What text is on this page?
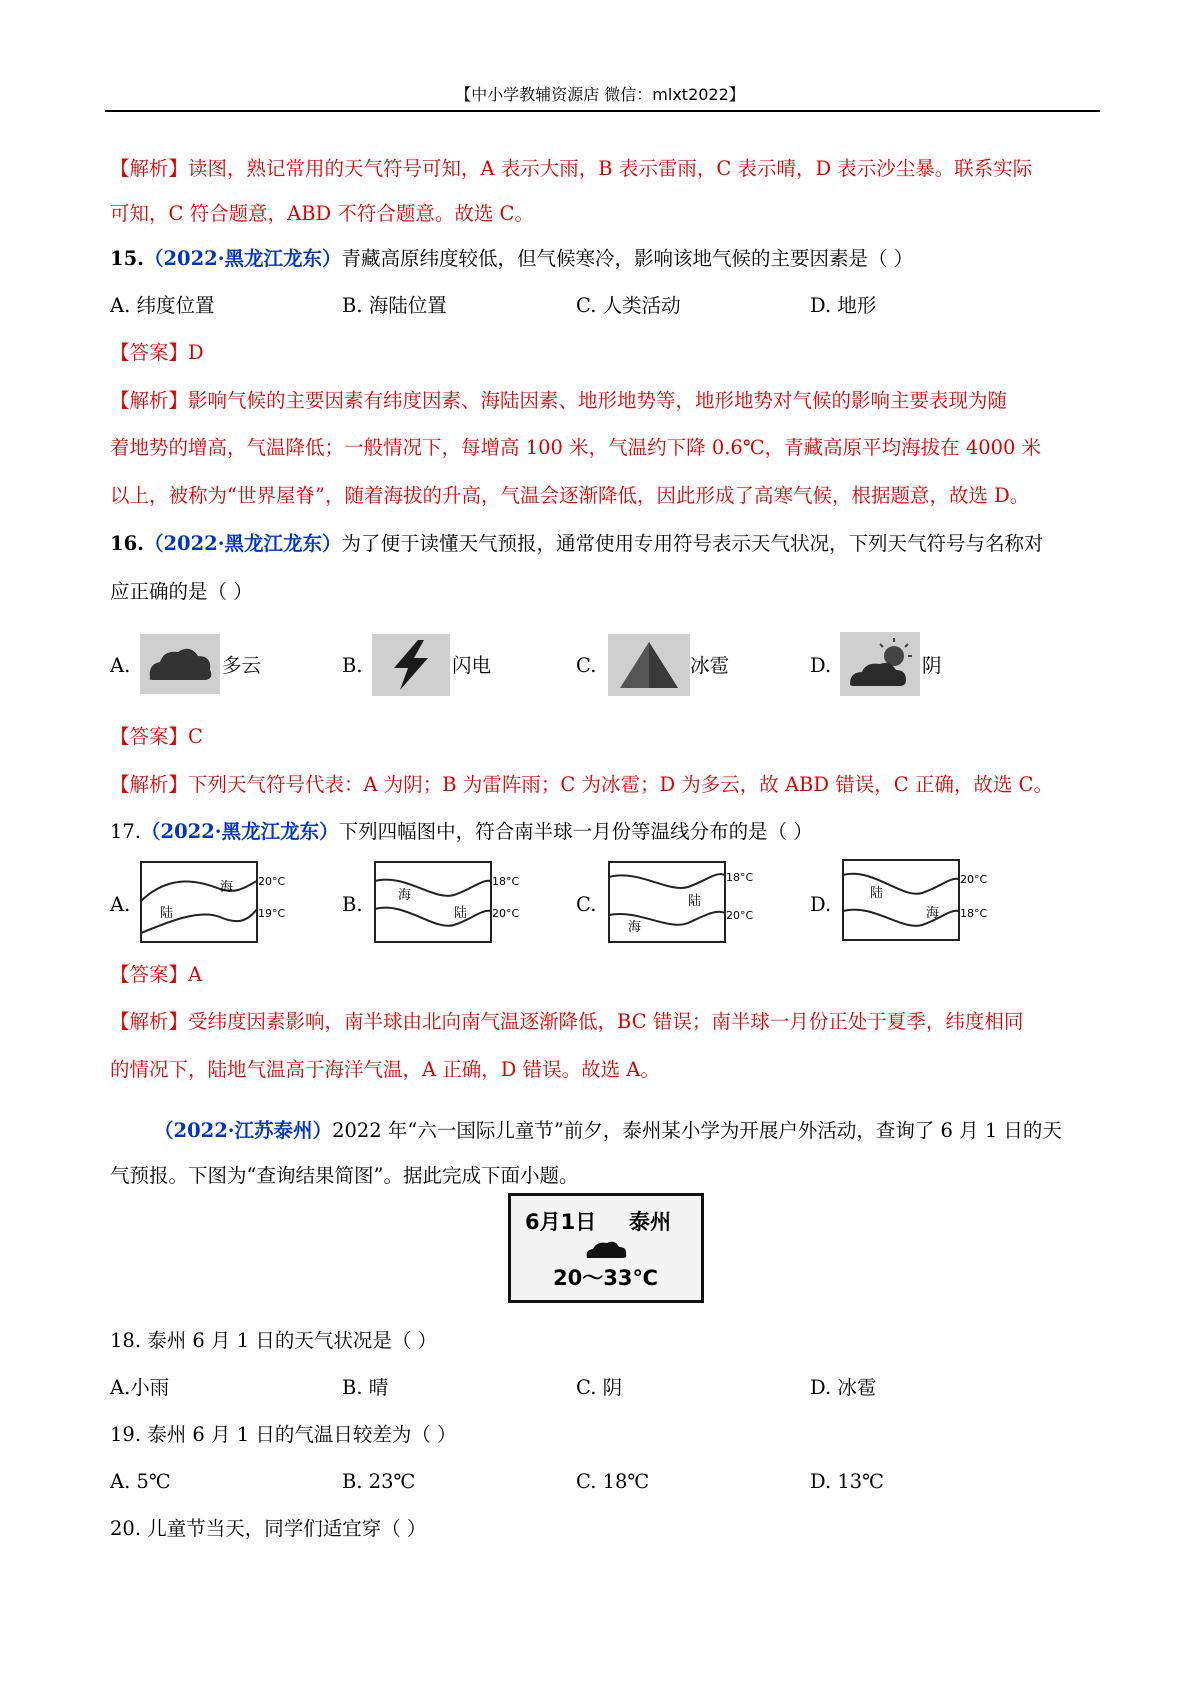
【中小学教辅资源店 微信：mlxt2022】
【解析】读图，熟记常用的天气符号可知，A 表示大雨，B 表示雷雨，C 表示晴，D 表示沙尘暴。联系实际
可知，C 符合题意，ABD 不符合题意。故选 C。
15.（2022·黑龙江龙东）青藏高原纬度较低，但气候寒冷，影响该地气候的主要因素是（ ）
A. 纬度位置	B. 海陆位置	C. 人类活动	D. 地形
【答案】D
【解析】影响气候的主要因素有纬度因素、海陆因素、地形地势等，地形地势对气候的影响主要表现为随
着地势的增高，气温降低；一般情况下，每增高 100 米，气温约下降 0.6℃，青藏高原平均海拔在 4000 米
以上，被称为“世界屋脊”，随着海拔的升高，气温会逐渐降低，因此形成了高寒气候，根据题意，故选 D。
16.（2022·黑龙江龙东）为了便于读懂天气预报，通常使用专用符号表示天气状况，下列天气符号与名称对
应正确的是（ ）
A.	多云	B.	闪电	C.	冰雹	D.	阴
【答案】C
【解析】下列天气符号代表：A 为阴；B 为雷阵雨；C 为冰雹；D 为多云，故 ABD 错误，C 正确，故选 C。
17.（2022·黑龙江龙东）下列四幅图中，符合南半球一月份等温线分布的是（ ）
A. 陆
海 20°C
19°C	B.	海
陆
18°C
20°C	C.
海
陆
18°C
20°C	D.	陆
海
20°C
18°C
【答案】A
【解析】受纬度因素影响，南半球由北向南气温逐渐降低，BC 错误；南半球一月份正处于夏季，纬度相同
的情况下，陆地气温高于海洋气温，A 正确，D 错误。故选 A。
（2022·江苏泰州）2022 年“六一国际儿童节”前夕，泰州某小学为开展户外活动，查询了 6 月 1 日的天
气预报。下图为“查询结果简图”。据此完成下面小题。
6月1日 泰州
20～33℃
18. 泰州 6 月 1 日的天气状况是（ ）
A.小雨	B. 晴	C. 阴	D. 冰雹
19. 泰州 6 月 1 日的气温日较差为（ ）
A. 5℃	B. 23℃	C. 18℃	D. 13℃
20. 儿童节当天，同学们适宜穿（ ）
